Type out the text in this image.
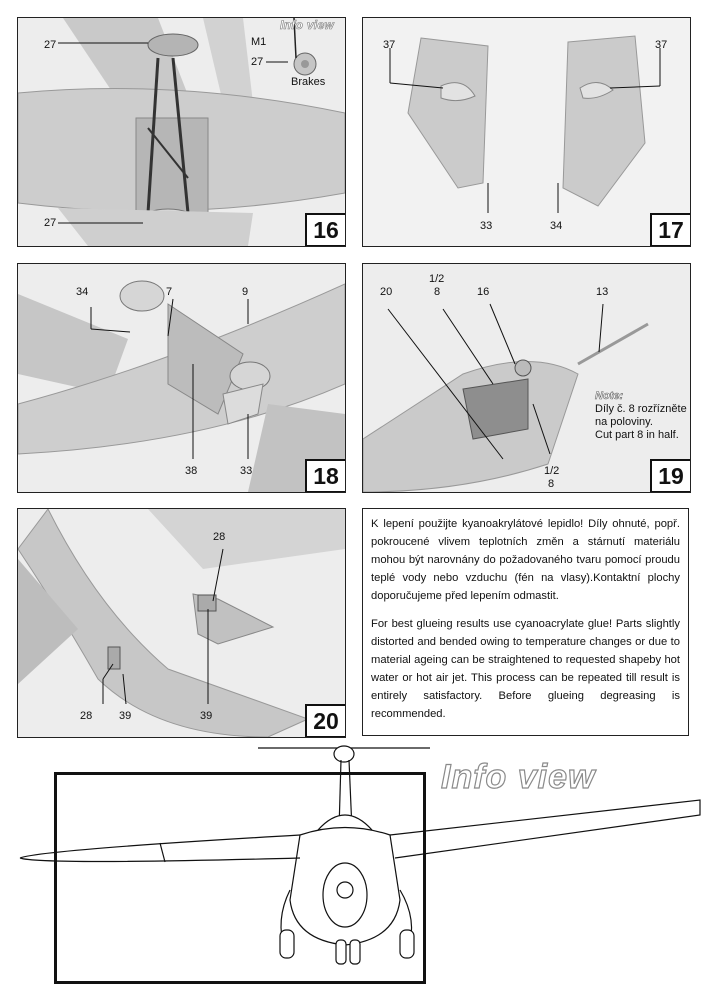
Info view
27	M1
27
Brakes
27	16
37	37
33	34	17
34	7	9
38	33	18
1/2
20	8	16	13
1/2
8
Note:
Díly č. 8 rozřízněte
na poloviny.
Cut part 8 in half.
19
28
28 39	39	20

K lepení použijte kyanoakrylátové lepidlo! Díly ohnuté, popř. pokroucené vlivem teplotních změn a stárnutí materiálu mohou být narovnány do požadovaného tvaru pomocí proudu teplé vody nebo vzduchu (fén na vlasy).Kontaktní plochy doporučujeme před lepením odmastit.

For best glueing results use cyanoacrylate glue! Parts slightly distorted and bended owing to temperature changes or due to material ageing can be straightened to requested shapeby hot water or hot air jet. This process can be repeated till result is entirely satisfactory. Before glueing degreasing is recommended.

Info view
